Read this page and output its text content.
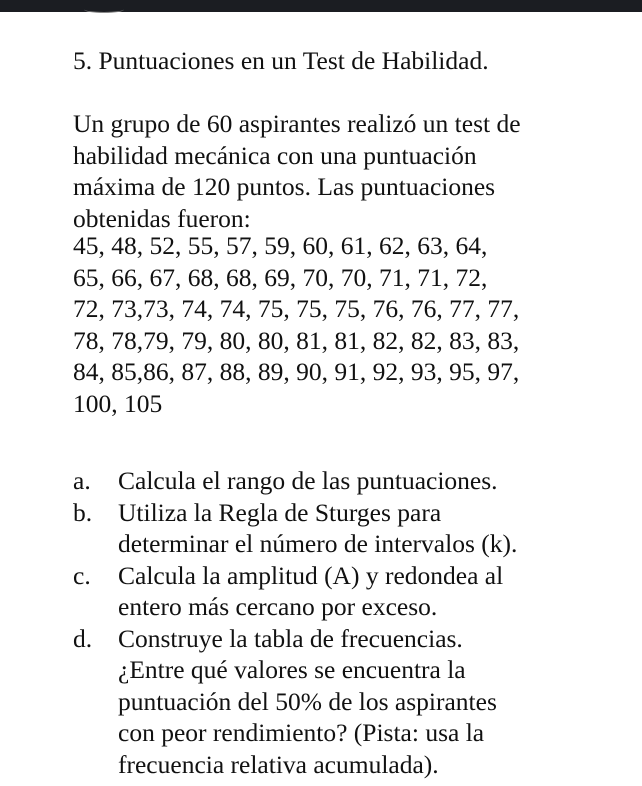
5. Puntuaciones en un Test de Habilidad.
Un grupo de 60 aspirantes realizó un test de
habilidad mecánica con una puntuación
máxima de 120 puntos. Las puntuaciones
obtenidas fueron:
45, 48, 52, 55, 57, 59, 60, 61, 62, 63, 64,
65, 66, 67, 68, 68, 69, 70, 70, 71, 71, 72,
72, 73,73, 74, 74, 75, 75, 75, 76, 76, 77, 77,
78, 78,79, 79, 80, 80, 81, 81, 82, 82, 83, 83,
84, 85,86, 87, 88, 89, 90, 91, 92, 93, 95, 97,
100, 105
a. Calcula el rango de las puntuaciones.
b. Utiliza la Regla de Sturges para
determinar el número de intervalos (k).
c. Calcula la amplitud (A) y redondea al
entero más cercano por exceso.
d. Construye la tabla de frecuencias.
¿Entre qué valores se encuentra la
puntuación del 50% de los aspirantes
con peor rendimiento? (Pista: usa la
frecuencia relativa acumulada).
